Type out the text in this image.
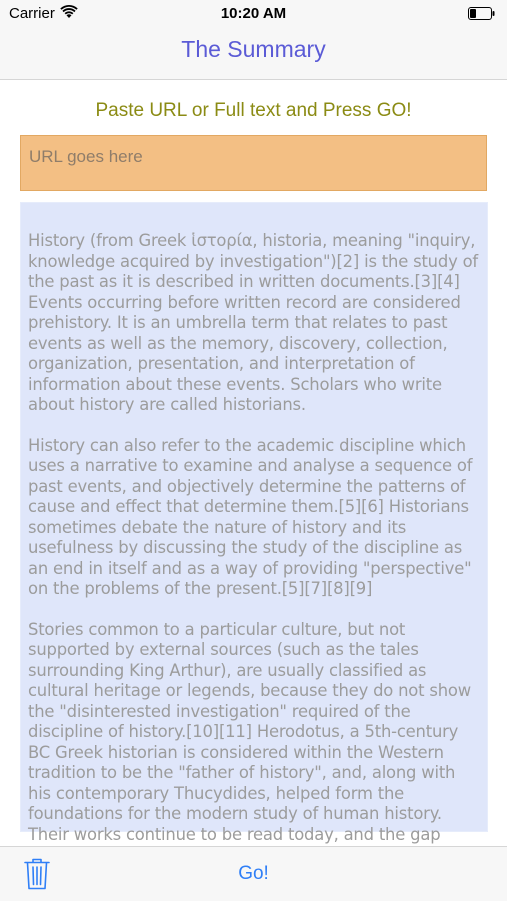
The Summary
Carrier	10:20 AM
Paste URL or Full text and Press GO!
URL goes here

History (from Greek ἱστορία, historia, meaning "inquiry, knowledge acquired by investigation")[2] is the study of the past as it is described in written documents.[3][4] Events occurring before written record are considered prehistory. It is an umbrella term that relates to past events as well as the memory, discovery, collection, organization, presentation, and interpretation of information about these events. Scholars who write about history are called historians.

History can also refer to the academic discipline which uses a narrative to examine and analyse a sequence of past events, and objectively determine the patterns of cause and effect that determine them.[5][6] Historians sometimes debate the nature of history and its usefulness by discussing the study of the discipline as an end in itself and as a way of providing "perspective" on the problems of the present.[5][7][8][9]

Stories common to a particular culture, but not supported by external sources (such as the tales surrounding King Arthur), are usually classified as cultural heritage or legends, because they do not show the "disinterested investigation" required of the discipline of history.[10][11] Herodotus, a 5th-century BC Greek historian is considered within the Western tradition to be the "father of history", and, along with his contemporary Thucydides, helped form the foundations for the modern study of human history. Their works continue to be read today, and the gap

Go!
